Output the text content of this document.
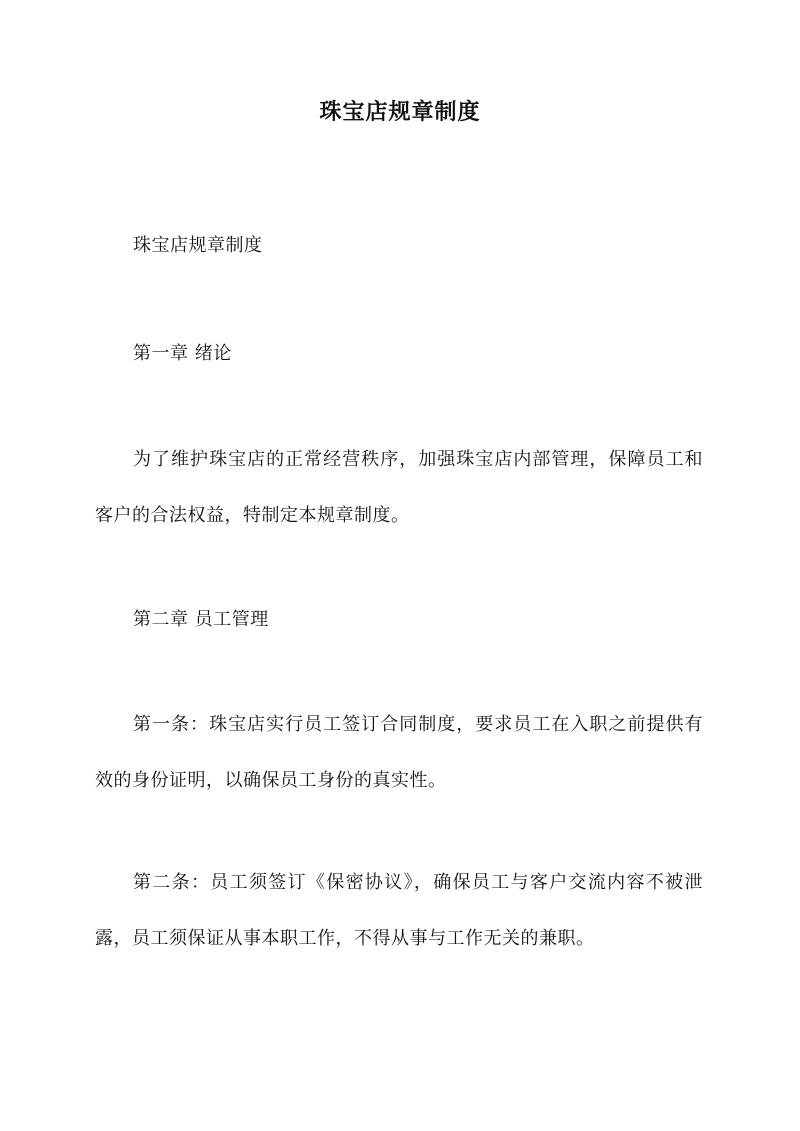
珠宝店规章制度

珠宝店规章制度

第一章 绪论

为了维护珠宝店的正常经营秩序，加强珠宝店内部管理，保障员工和客户的合法权益，特制定本规章制度。

第二章 员工管理

第一条：珠宝店实行员工签订合同制度，要求员工在入职之前提供有效的身份证明，以确保员工身份的真实性。

第二条：员工须签订《保密协议》，确保员工与客户交流内容不被泄露，员工须保证从事本职工作，不得从事与工作无关的兼职。
